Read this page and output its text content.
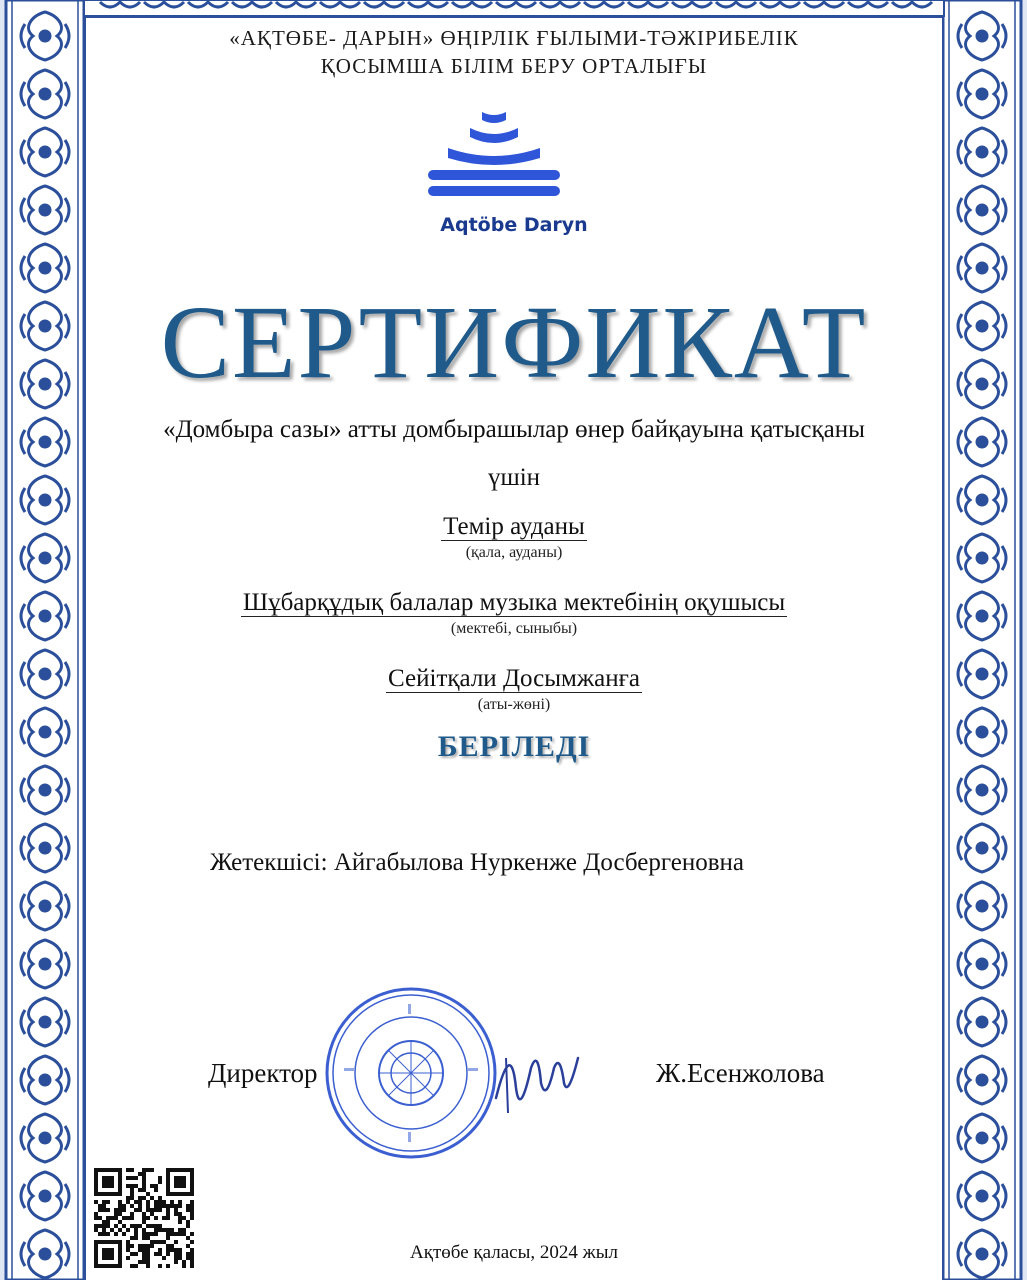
«АҚТӨБЕ- ДАРЫН» ӨҢІРЛІК ҒЫЛЫМИ-ТӘЖІРИБЕЛІК
ҚОСЫМША БІЛІМ БЕРУ ОРТАЛЫҒЫ
Aqtöbe Daryn
СЕРТИФИКАТ
«Домбыра сазы» атты домбырашылар өнер байқауына қатысқаны
үшін
Темір ауданы
(қала, ауданы)
Шұбарқұдық балалар музыка мектебінің оқушысы
(мектебі, сыныбы)
Сейітқали Досымжанға
(аты-жөні)
БЕРІЛЕДІ
Жетекшісі: Айгабылова Нуркенже Досбергеновна
Директор	Ж.Есенжолова
Ақтөбе қаласы, 2024 жыл
